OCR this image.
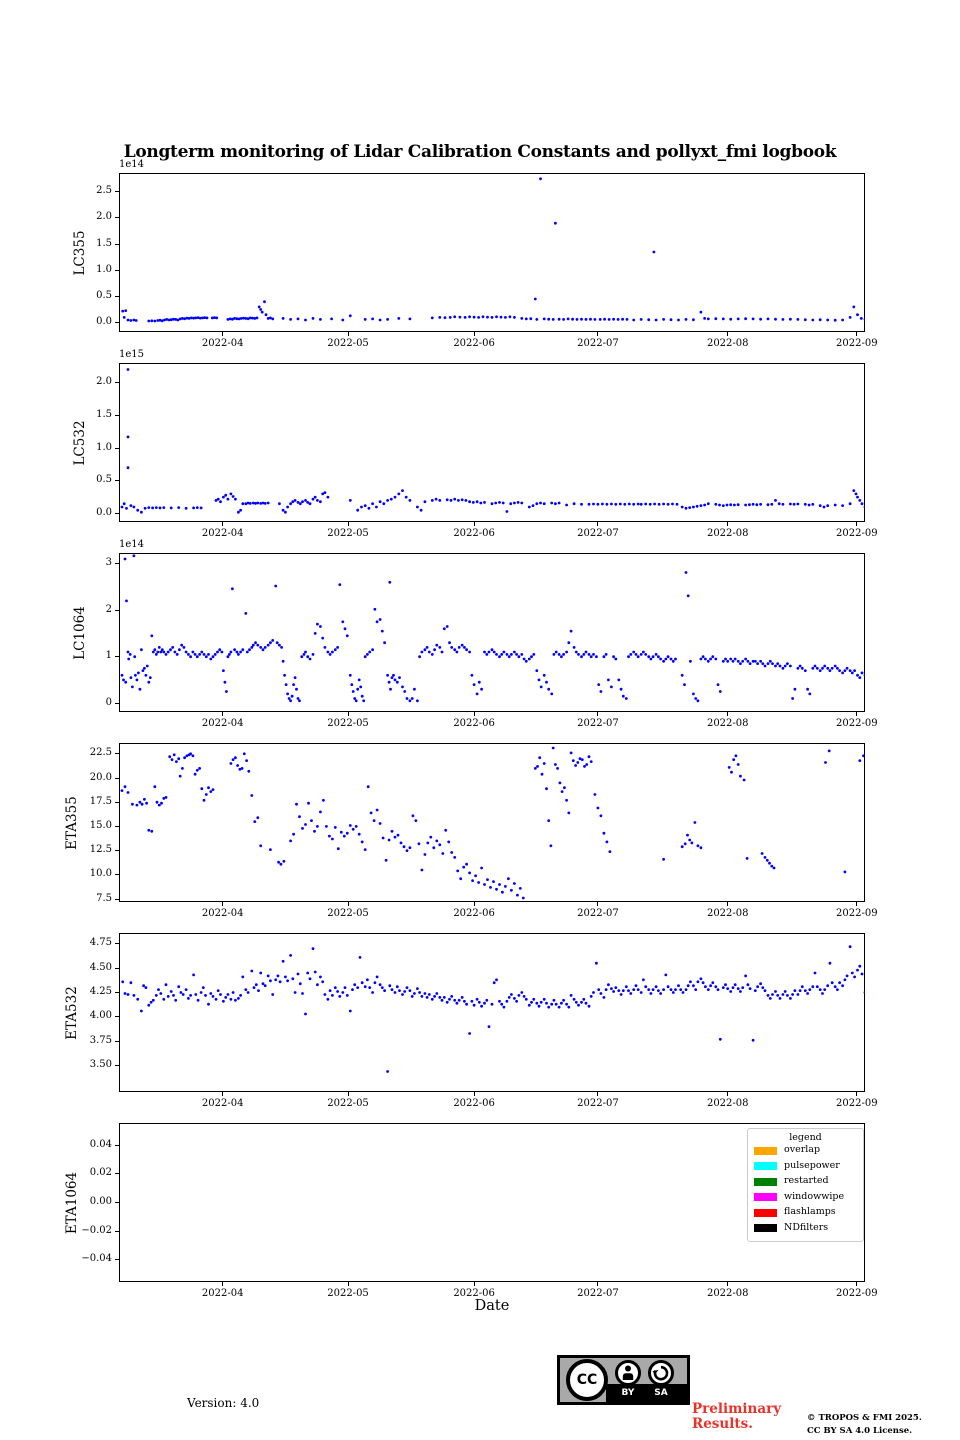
Longterm monitoring of Lidar Calibration Constants and pollyxt_fmi logbook
Date
Version: 4.0
BY	SA
CC
Preliminary
Results.	© TROPOS & FMI 2025.
CC BY SA 4.0 License.
0.0
0.5
1.0
1.5
2.0
2.5
2022-04	2022-05	2022-06	2022-07	2022-08	2022-09
1e14
LC355
0.0
0.5
1.0
1.5
2.0
2022-04	2022-05	2022-06	2022-07	2022-08	2022-09
1e15
LC532
0
1
2
3
2022-04	2022-05	2022-06	2022-07	2022-08	2022-09
1e14
LC1064
7.5
10.0
12.5
15.0
17.5
20.0
22.5
2022-04	2022-05	2022-06	2022-07	2022-08	2022-09
ETA355
3.50
3.75
4.00
4.25
4.50
4.75
2022-04	2022-05	2022-06	2022-07	2022-08	2022-09
ETA532
0.04
0.02
0.00
−0.02
−0.04
2022-04	2022-05	2022-06	2022-07	2022-08	2022-09
ETA1064
legend
overlap
pulsepower
restarted
windowwipe
flashlamps
NDfilters
